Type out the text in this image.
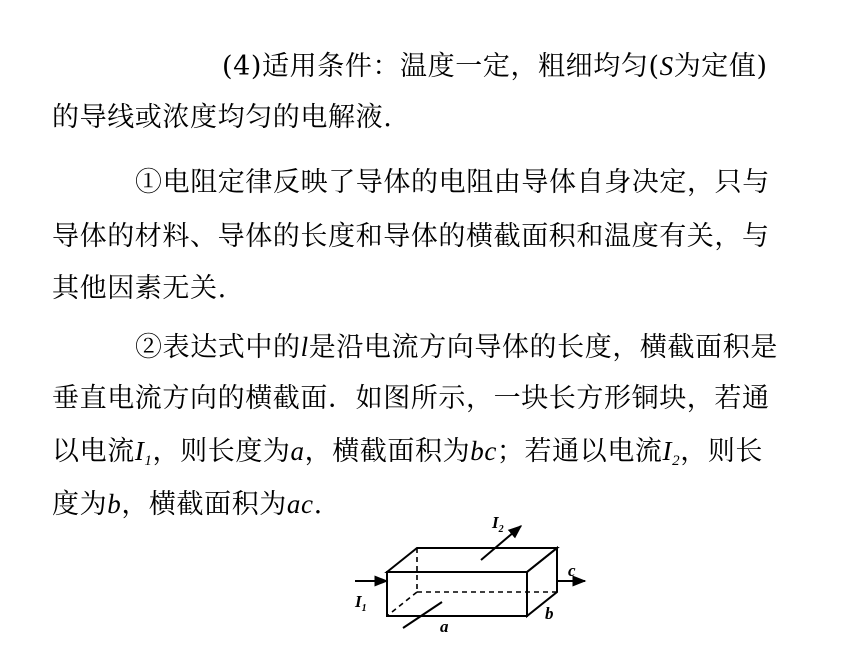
(4)适用条件：温度一定，粗细均匀(S为定值)
的导线或浓度均匀的电解液.
①电阻定律反映了导体的电阻由导体自身决定，只与
导体的材料、导体的长度和导体的横截面积和温度有关，与
其他因素无关.
②表达式中的l是沿电流方向导体的长度，横截面积是
垂直电流方向的横截面．如图所示，一块长方形铜块，若通
以电流$I_1$，则长度为a，横截面积为bc；若通以电流$I_2$，则长
度为b，横截面积为ac.
$I_1$
$I_2$
a
b
c
